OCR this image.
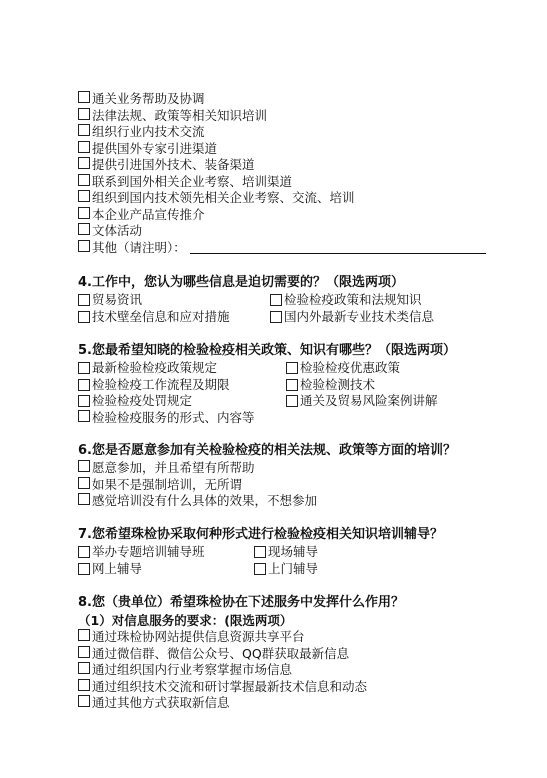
通关业务帮助及协调
法律法规、政策等相关知识培训
组织行业内技术交流
提供国外专家引进渠道
提供引进国外技术、装备渠道
联系到国外相关企业考察、培训渠道
组织到国内技术领先相关企业考察、交流、培训
本企业产品宣传推介
文体活动
其他（请注明）：
4.工作中，您认为哪些信息是迫切需要的？（限选两项）
贸易资讯	检验检疫政策和法规知识
技术壁垒信息和应对措施	国内外最新专业技术类信息
5.您最希望知晓的检验检疫相关政策、知识有哪些？（限选两项）
最新检验检疫政策规定	检验检疫优惠政策
检验检疫工作流程及期限	检验检测技术
检验检疫处罚规定	通关及贸易风险案例讲解
检验检疫服务的形式、内容等
6.您是否愿意参加有关检验检疫的相关法规、政策等方面的培训？
愿意参加，并且希望有所帮助
如果不是强制培训，无所谓
感觉培训没有什么具体的效果，不想参加
7.您希望珠检协采取何种形式进行检验检疫相关知识培训辅导？
举办专题培训辅导班	现场辅导
网上辅导	上门辅导
8.您（贵单位）希望珠检协在下述服务中发挥什么作用？
（1）对信息服务的要求：(限选两项）
通过珠检协网站提供信息资源共享平台
通过微信群、微信公众号、QQ群获取最新信息
通过组织国内行业考察掌握市场信息
通过组织技术交流和研讨掌握最新技术信息和动态
通过其他方式获取新信息
